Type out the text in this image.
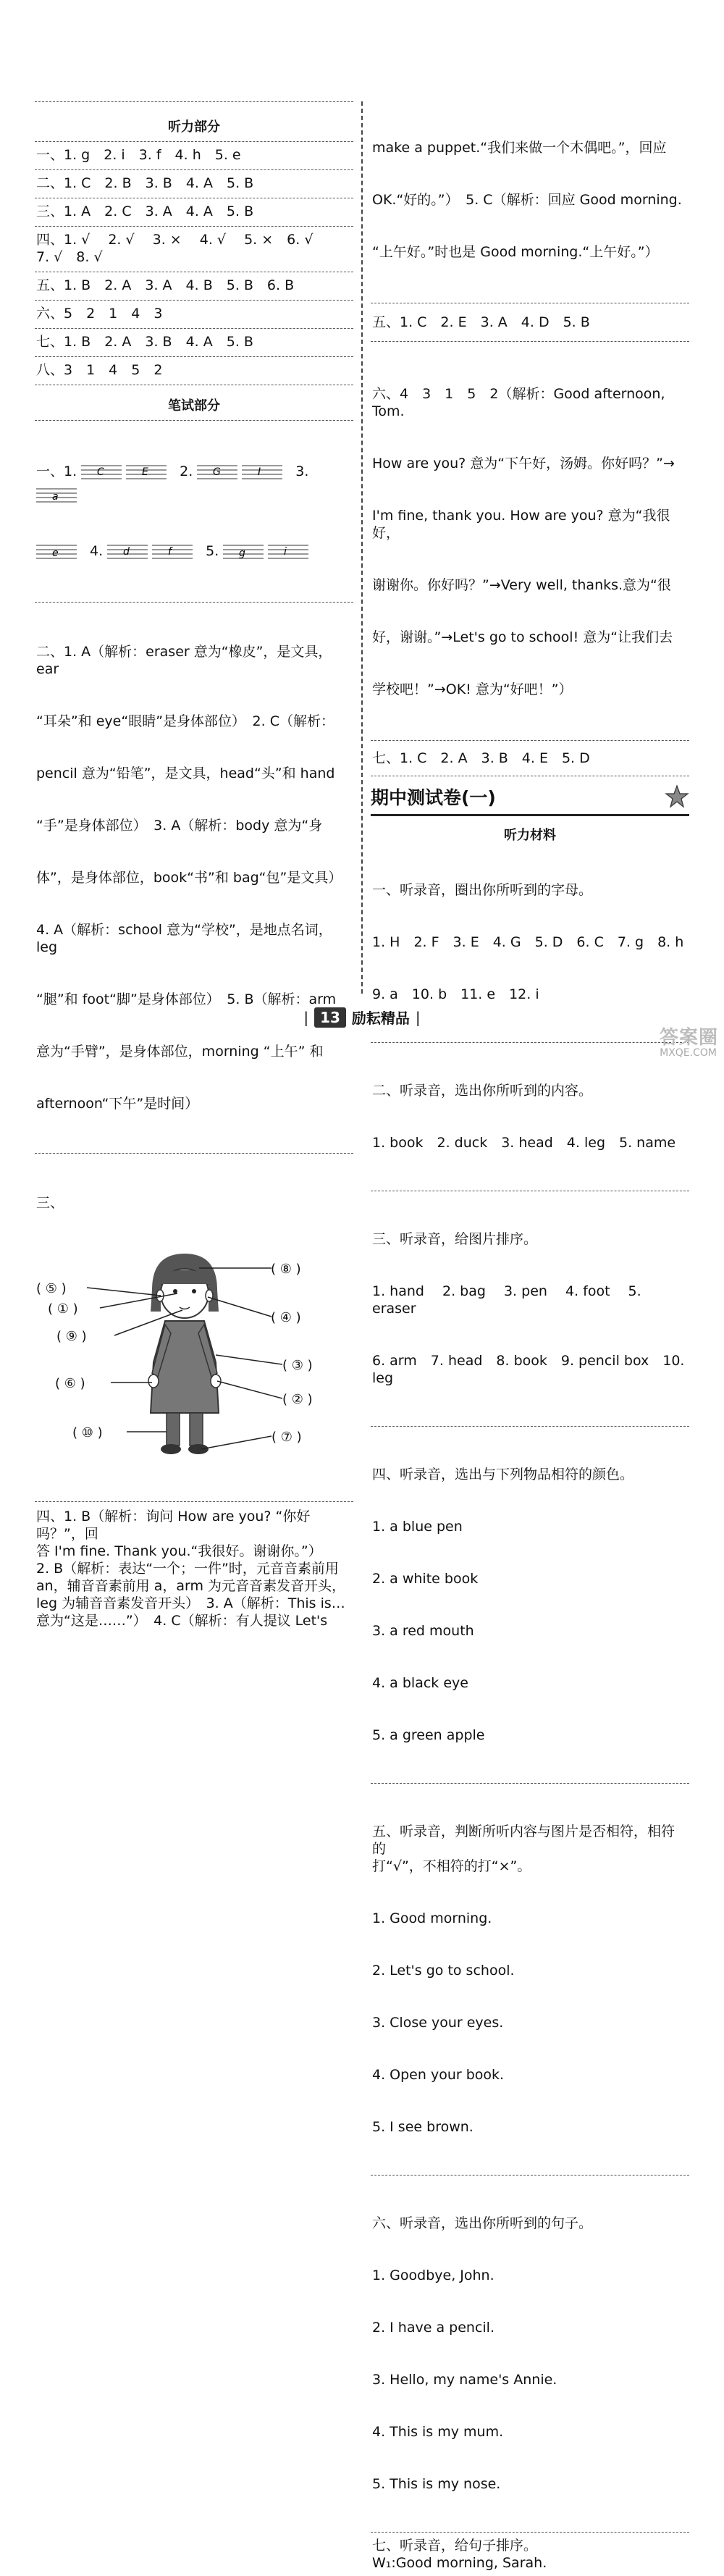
听力部分
一、1. g　2. i　3. f　4. h　5. e
二、1. C　2. B　3. B　4. A　5. B
三、1. A　2. C　3. A　4. A　5. B
四、1. √　 2. √　 3. ×　 4. √　 5. ×　6. √
7. √　8. √
五、1. B　2. A　3. A　4. B　5. B　6. B
六、5　2　1　4　3
七、1. B　2. A　3. B　4. A　5. B
八、3　1　4　5　2
笔试部分

一、1. C	E 2. G	I	3.
a

e 4. d	f 5. g	i

二、1. A（解析：eraser 意为“橡皮”，是文具，ear

“耳朵”和 eye“眼睛”是身体部位）　2. C（解析：

pencil 意为“铅笔”，是文具，head“头”和 hand

“手”是身体部位）　3. A（解析：body 意为“身

体”，是身体部位，book“书”和 bag“包”是文具）

4. A（解析：school 意为“学校”，是地点名词，leg

“腿”和 foot“脚”是身体部位）　5. B（解析：arm

意为“手臂”，是身体部位，morning “上午” 和

afternoon“下午”是时间）

三、

( ⑧ )

( ⑤ )

( ① )

( ④ )

( ⑨ )

( ③ )

( ⑥ )

( ② )

( ⑩ )

	( ⑦ )

四、1. B（解析：询问 How are you? “你好吗？”，回
答 I'm fine. Thank you.“我很好。谢谢你。”）
2. B（解析：表达“一个；一件”时，元音音素前用
an，辅音音素前用 a，arm 为元音音素发音开头，
leg 为辅音音素发音开头）　3. A（解析：This is…
意为“这是……”）　4. C（解析：有人提议 Let's

make a puppet.“我们来做一个木偶吧。”，回应

OK.“好的。”）　5. C（解析：回应 Good morning.

“上午好。”时也是 Good morning.“上午好。”）

五、1. C　2. E　3. A　4. D　5. B

六、4　3　1　5　2（解析：Good afternoon, Tom.

How are you? 意为“下午好，汤姆。你好吗？”→

I'm fine, thank you. How are you? 意为“我很好，

谢谢你。你好吗？”→Very well, thanks.意为“很

好，谢谢。”→Let's go to school! 意为“让我们去

学校吧！”→OK! 意为“好吧！”）

七、1. C　2. A　3. B　4. E　5. D
期中测试卷(一)
听力材料

一、听录音，圈出你所听到的字母。

1. H　2. F　3. E　4. G　5. D　6. C　7. g　8. h

9. a　10. b　11. e　12. i

二、听录音，选出你所听到的内容。

1. book　2. duck　3. head　4. leg　5. name

三、听录音，给图片排序。

1. hand　 2. bag　 3. pen　 4. foot　 5. eraser

6. arm　7. head　8. book　9. pencil box　10. leg

四、听录音，选出与下列物品相符的颜色。

1. a blue pen

2. a white book

3. a red mouth

4. a black eye

5. a green apple

五、听录音，判断所听内容与图片是否相符，相符的
打“√”，不相符的打“×”。

1. Good morning.

2. Let's go to school.

3. Close your eyes.

4. Open your book.

5. I see brown.

六、听录音，选出你所听到的句子。

1. Goodbye, John.

2. I have a pencil.

3. Hello, my name's Annie.

4. This is my mum.

5. This is my nose.

七、听录音，给句子排序。
W₁:Good morning, Sarah.
| 13 励耘精品 |
答案圈
MXQE.COM
